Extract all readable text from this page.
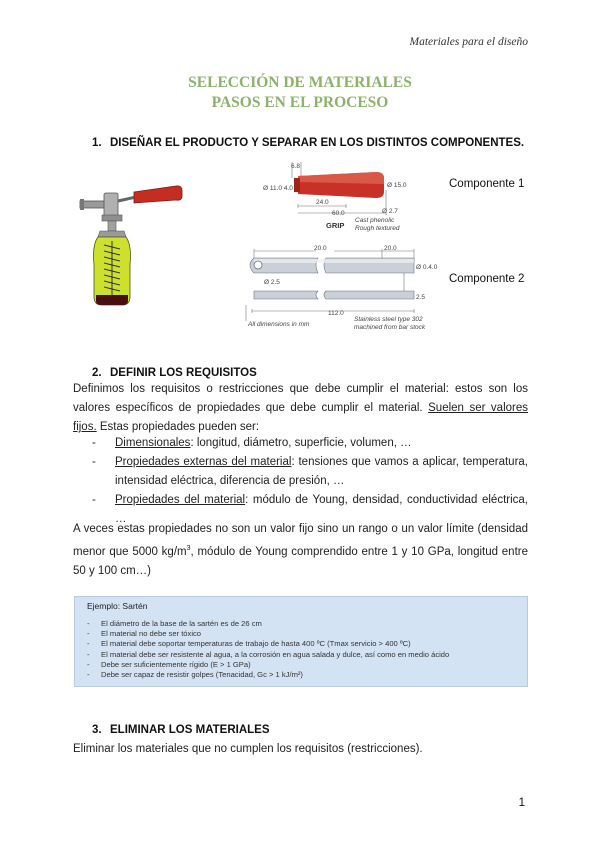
Materiales para el diseño
SELECCIÓN DE MATERIALES
PASOS EN EL PROCESO
1. DISEÑAR EL PRODUCTO Y SEPARAR EN LOS DISTINTOS COMPONENTES.
6.8
Ø 11.0 4.0	Ø 15.0
24.0
60.0	Ø 2.7
Cast phenolic
Rough textured
GRIP
Componente 1
20.0	20.0
Ø 2.5
Ø 0.4.0
2.5
112.0
All dimensions in mm
Stainless steel type 302
machined from bar stock
Componente 2
2. DEFINIR LOS REQUISITOS
Definimos los requisitos o restricciones que debe cumplir el material: estos son los valores específicos de propiedades que debe cumplir el material. Suelen ser valores fijos. Estas propiedades pueden ser:
- Dimensionales: longitud, diámetro, superficie, volumen, …
- Propiedades externas del material: tensiones que vamos a aplicar, temperatura, intensidad eléctrica, diferencia de presión, …
- Propiedades del material: módulo de Young, densidad, conductividad eléctrica, …
A veces estas propiedades no son un valor fijo sino un rango o un valor límite (densidad menor que 5000 $kg/m^3$, módulo de Young comprendido entre 1 y 10 GPa, longitud entre 50 y 100 cm…)
Ejemplo: Sartén
- El diámetro de la base de la sartén es de 26 cm
- El material no debe ser tóxico
- El material debe soportar temperaturas de trabajo de hasta 400 ºC (Tmax servicio > 400 ºC)
- El material debe ser resistente al agua, a la corrosión en agua salada y dulce, así como en medio ácido
- Debe ser suficientemente rígido (E > 1 GPa)
- Debe ser capaz de resistir golpes (Tenacidad, Gc > 1 kJ/m²)
3. ELIMINAR LOS MATERIALES
Eliminar los materiales que no cumplen los requisitos (restricciones).
1
